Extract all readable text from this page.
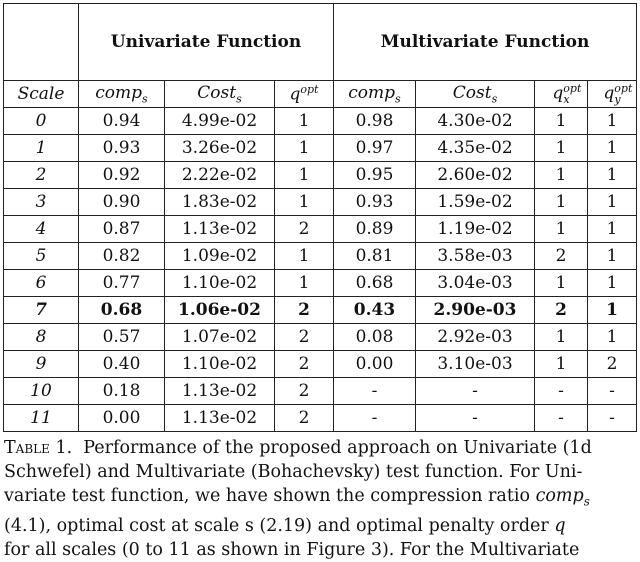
	Univariate Function			Multivariate Function			
Scale	comp$_s$	Cost$_s$	$q^{opt}$	comp$_s$	Cost$_s$	$q^{opt}_x$	$q^{opt}_y$
0	0.94	4.99e-02	1	0.98	4.30e-02	1	1
1	0.93	3.26e-02	1	0.97	4.35e-02	1	1
2	0.92	2.22e-02	1	0.95	2.60e-02	1	1
3	0.90	1.83e-02	1	0.93	1.59e-02	1	1
4	0.87	1.13e-02	2	0.89	1.19e-02	1	1
5	0.82	1.09e-02	1	0.81	3.58e-03	2	1
6	0.77	1.10e-02	1	0.68	3.04e-03	1	1
7	0.68	1.06e-02	2	0.43	2.90e-03	2	1
8	0.57	1.07e-02	2	0.08	2.92e-03	1	1
9	0.40	1.10e-02	2	0.00	3.10e-03	1	2
10	0.18	1.13e-02	2	-	-	-	-
11	0.00	1.13e-02	2	-	-	-	-
Table 1. Performance of the proposed approach on Univariate (1d
Schwefel) and Multivariate (Bohachevsky) test function. For Uni-
variate test function, we have shown the compression ratio comp$_s$
(4.1), optimal cost at scale s (2.19) and optimal penalty order q
for all scales (0 to 11 as shown in Figure 3). For the Multivariate
